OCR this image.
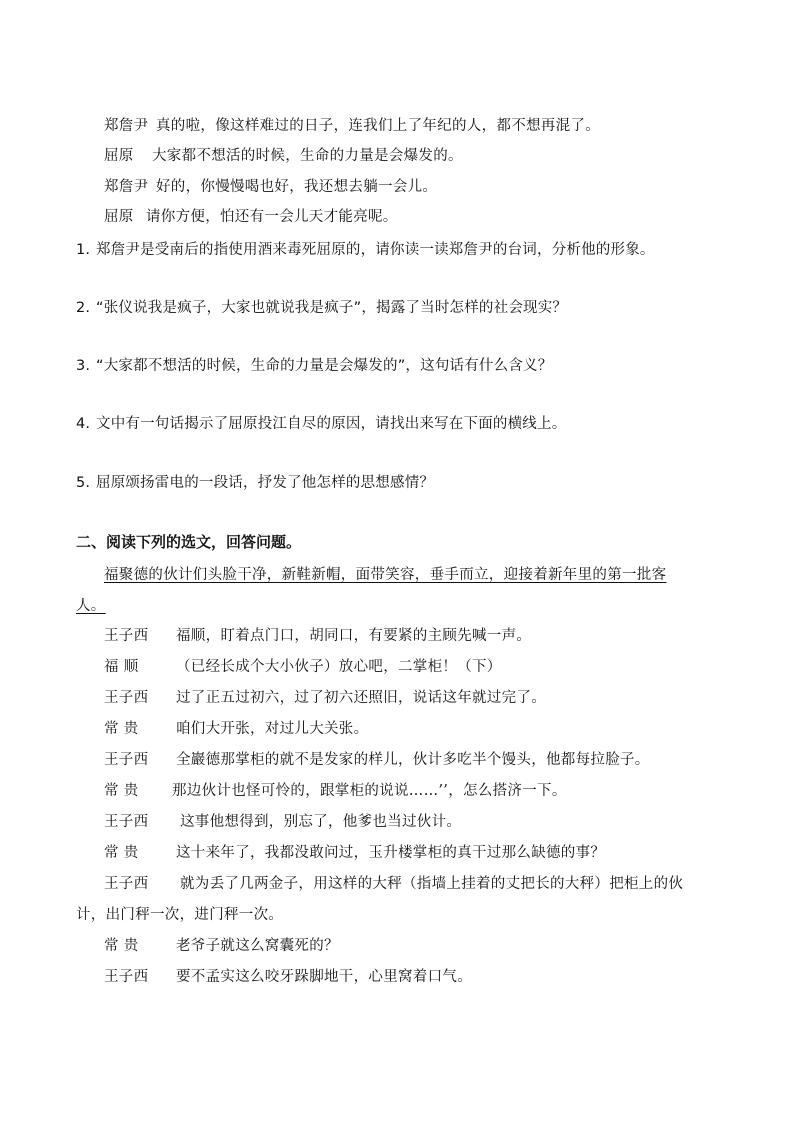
郑詹尹 真的啦，像这样难过的日子，连我们上了年纪的人，都不想再混了。
屈原 大家都不想活的时候，生命的力量是会爆发的。
郑詹尹 好的，你慢慢喝也好，我还想去躺一会儿。
屈原 请你方便，怕还有一会儿天才能亮呢。
1. 郑詹尹是受南后的指使用酒来毒死屈原的，请你读一读郑詹尹的台词，分析他的形象。
2. “张仪说我是疯子，大家也就说我是疯子”，揭露了当时怎样的社会现实？
3. “大家都不想活的时候，生命的力量是会爆发的”，这句话有什么含义？
4. 文中有一句话揭示了屈原投江自尽的原因，请找出来写在下面的横线上。
5. 屈原颂扬雷电的一段话，抒发了他怎样的思想感情？
二、阅读下列的选文，回答问题。
福聚德的伙计们头脸干净，新鞋新帽，面带笑容，垂手而立，迎接着新年里的第一批客
人。
王子西 福顺，盯着点门口，胡同口，有要紧的主顾先喊一声。
福 顺	（已经长成个大小伙子）放心吧，二掌柜！（下）
王子西 过了正五过初六，过了初六还照旧，说话这年就过完了。
常 贵	咱们大开张，对过儿大关张。
王子西 全巖德那掌柜的就不是发家的样儿，伙计多吃半个馒头，他都每拉脸子。
常 贵 那边伙计也怪可怜的，跟掌柜的说说……’’，怎么搭济一下。
王子西 这事他想得到，别忘了，他爹也当过伙计。
常 贵	这十来年了，我都没敢问过，玉升楼掌柜的真干过那么缺德的事？
王子西 就为丢了几两金子，用这样的大秤（指墙上挂着的丈把长的大秤）把柜上的伙
计，出门秤一次，进门秤一次。
常 贵	老爷子就这么窝囊死的？
王子西 要不孟实这么咬牙跺脚地干，心里窝着口气。
